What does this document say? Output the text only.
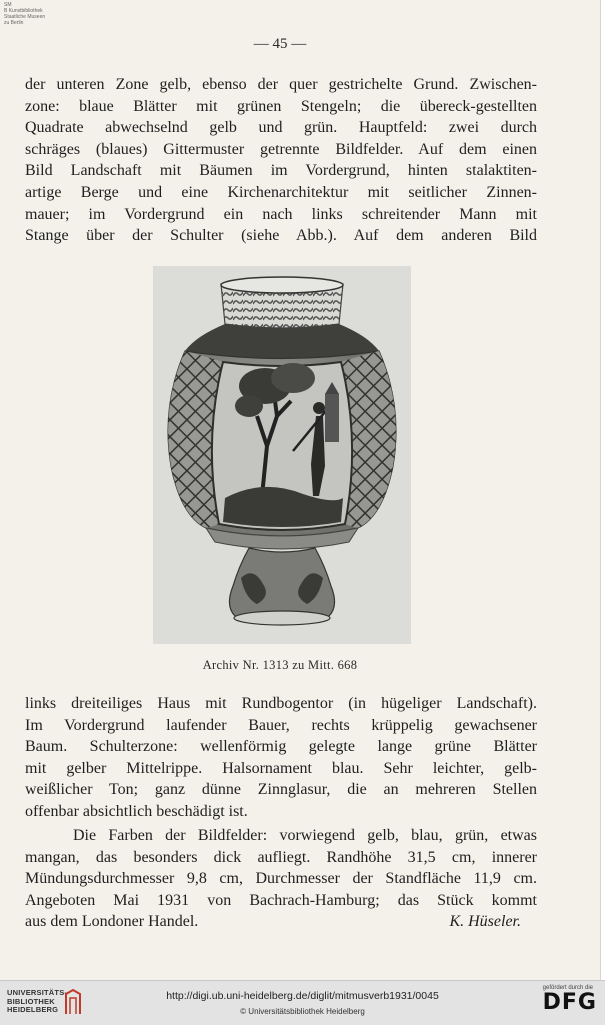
SM
B Kunstbibliothek
Staatliche Museen
zu Berlin
— 45 —
der unteren Zone gelb, ebenso der quer gestrichelte Grund. Zwischen-
zone: blaue Blätter mit grünen Stengeln; die übereck-gestellten
Quadrate abwechselnd gelb und grün. Hauptfeld: zwei durch
schräges (blaues) Gittermuster getrennte Bildfelder. Auf dem einen
Bild Landschaft mit Bäumen im Vordergrund, hinten stalaktiten-
artige Berge und eine Kirchenarchitektur mit seitlicher Zinnen-
mauer; im Vordergrund ein nach links schreitender Mann mit
Stange über der Schulter (siehe Abb.). Auf dem anderen Bild
Archiv Nr. 1313 zu Mitt. 668
links dreiteiliges Haus mit Rundbogentor (in hügeliger Landschaft).
Im Vordergrund laufender Bauer, rechts krüppelig gewachsener
Baum. Schulterzone: wellenförmig gelegte lange grüne Blätter
mit gelber Mittelrippe. Halsornament blau. Sehr leichter, gelb-
weißlicher Ton; ganz dünne Zinnglasur, die an mehreren Stellen
offenbar absichtlich beschädigt ist.
Die Farben der Bildfelder: vorwiegend gelb, blau, grün, etwas
mangan, das besonders dick aufliegt. Randhöhe 31,5 cm, innerer
Mündungsdurchmesser 9,8 cm, Durchmesser der Standfläche 11,9 cm.
Angeboten Mai 1931 von Bachrach-Hamburg; das Stück kommt
aus dem Londoner Handel.	K. Hüseler.
UNIVERSITÄTS-
BIBLIOTHEK
HEIDELBERG
http://digi.ub.uni-heidelberg.de/diglit/mitmusverb1931/0045
© Universitätsbibliothek Heidelberg
gefördert durch die
DFG
